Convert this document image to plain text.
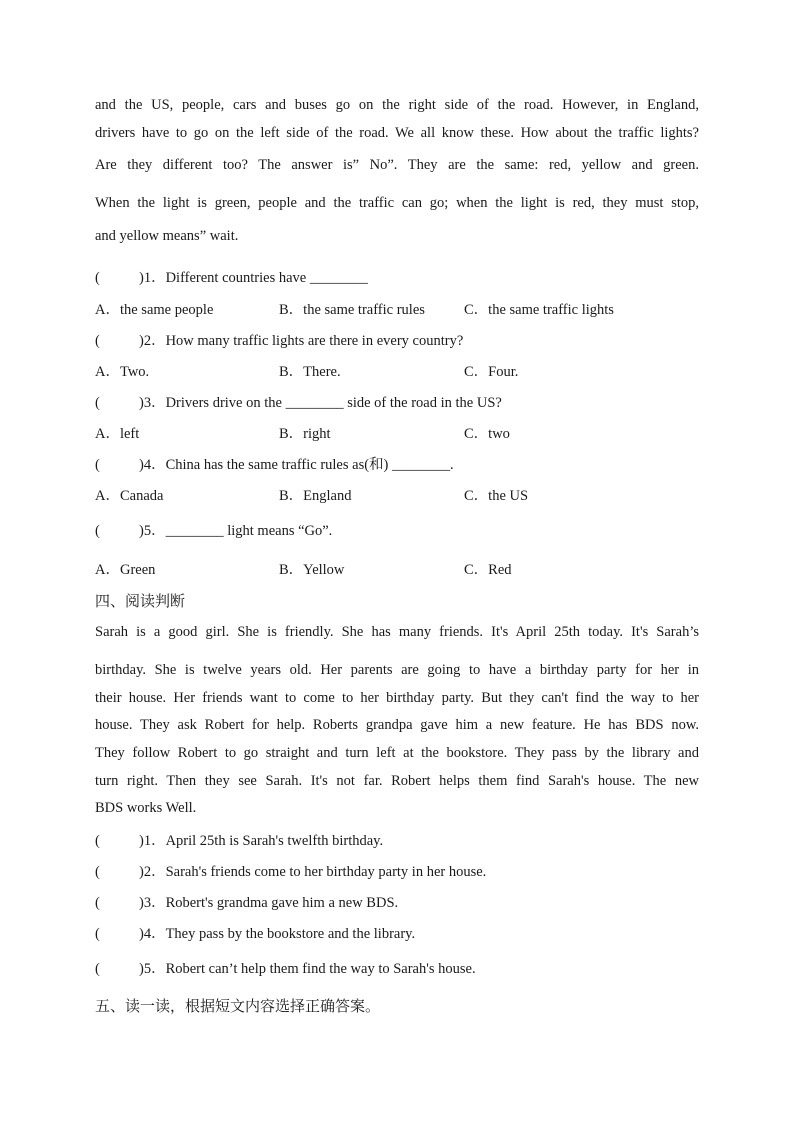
and the US, people, cars and buses go on the right side of the road. However, in England,
drivers have to go on the left side of the road. We all know these. How about the traffic lights?
Are they different too? The answer is” No”. They are the same: red, yellow and green.
When the light is green, people and the traffic can go; when the light is red, they must stop,
and yellow means” wait.
(	)1．Different countries have ________
A．the same people	B．the same traffic rules	C．the same traffic lights
(	)2．How many traffic lights are there in every country?
A．Two.	B．There.	C．Four.
(	)3．Drivers drive on the ________ side of the road in the US?
A．left	B．right	C．two
(	)4．China has the same traffic rules as(和) ________.
A．Canada	B．England	C．the US
(	)5．________ light means “Go”.
A．Green	B．Yellow	C．Red
四、阅读判断
Sarah is a good girl. She is friendly. She has many friends. It's April 25th today. It's Sarah’s
birthday. She is twelve years old. Her parents are going to have a birthday party for her in
their house. Her friends want to come to her birthday party. But they can't find the way to her
house. They ask Robert for help. Roberts grandpa gave him a new feature. He has BDS now.
They follow Robert to go straight and turn left at the bookstore. They pass by the library and
turn right. Then they see Sarah. It's not far. Robert helps them find Sarah's house. The new
BDS works Well.
(	)1．April 25th is Sarah's twelfth birthday.
(	)2．Sarah's friends come to her birthday party in her house.
(	)3．Robert's grandma gave him a new BDS.
(	)4．They pass by the bookstore and the library.
(	)5．Robert can’t help them find the way to Sarah's house.
五、读一读，根据短文内容选择正确答案。
